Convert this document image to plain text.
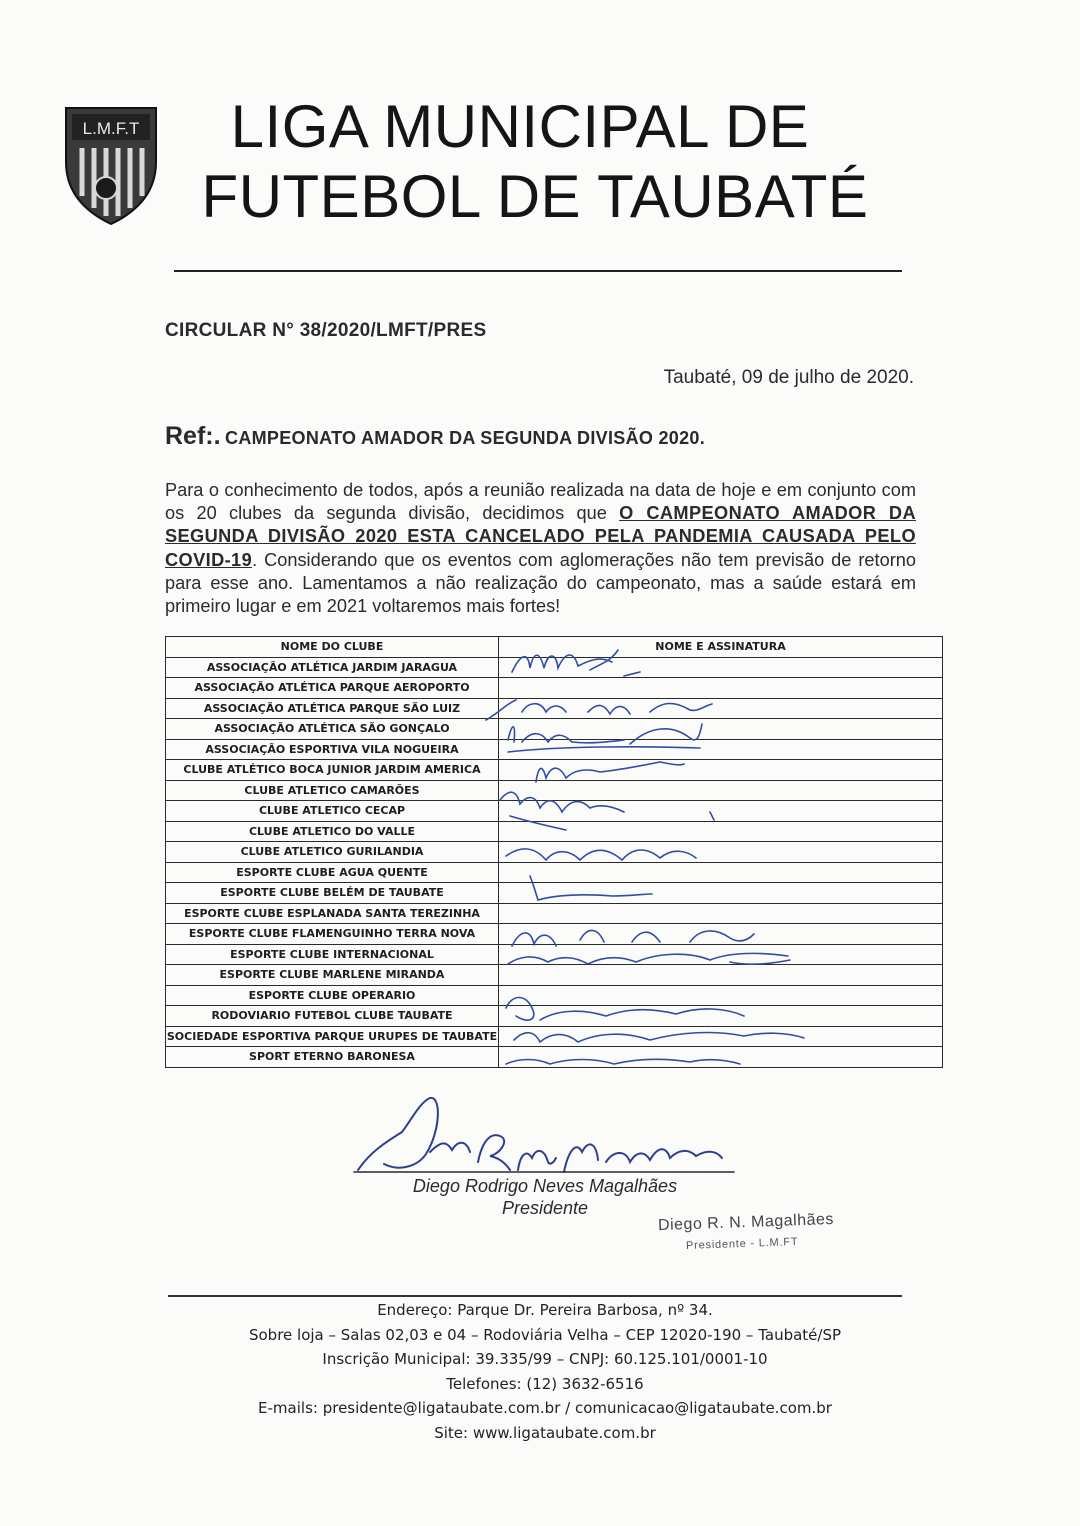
L.M.F.T	LIGA MUNICIPAL DE
FUTEBOL DE TAUBATÉ
CIRCULAR N° 38/2020/LMFT/PRES
Taubaté, 09 de julho de 2020.
Ref:. CAMPEONATO AMADOR DA SEGUNDA DIVISÃO 2020.
Para o conhecimento de todos, após a reunião realizada na data de hoje e em conjunto com os 20 clubes da segunda divisão, decidimos que O CAMPEONATO AMADOR DA SEGUNDA DIVISÃO 2020 ESTA CANCELADO PELA PANDEMIA CAUSADA PELO COVID-19. Considerando que os eventos com aglomerações não tem previsão de retorno para esse ano. Lamentamos a não realização do campeonato, mas a saúde estará em primeiro lugar e em 2021 voltaremos mais fortes!
NOME DO CLUBE	NOME E ASSINATURA
ASSOCIAÇÃO ATLÉTICA JARDIM JARAGUA	
ASSOCIAÇÃO ATLÉTICA PARQUE AEROPORTO	
ASSOCIAÇÃO ATLÉTICA PARQUE SÃO LUIZ	
ASSOCIAÇÃO ATLÉTICA SÃO GONÇALO	
ASSOCIAÇÃO ESPORTIVA VILA NOGUEIRA	
CLUBE ATLÉTICO BOCA JUNIOR JARDIM AMERICA	
CLUBE ATLETICO CAMARÕES	
CLUBE ATLETICO CECAP	
CLUBE ATLETICO DO VALLE	
CLUBE ATLETICO GURILANDIA	
ESPORTE CLUBE AGUA QUENTE	
ESPORTE CLUBE BELÉM DE TAUBATE	
ESPORTE CLUBE ESPLANADA SANTA TEREZINHA	
ESPORTE CLUBE FLAMENGUINHO TERRA NOVA	
ESPORTE CLUBE INTERNACIONAL	
ESPORTE CLUBE MARLENE MIRANDA	
ESPORTE CLUBE OPERARIO	
RODOVIARIO FUTEBOL CLUBE TAUBATE	
SOCIEDADE ESPORTIVA PARQUE URUPES DE TAUBATE	
SPORT ETERNO BARONESA	
Diego Rodrigo Neves Magalhães
Presidente
Diego R. N. Magalhães
Presidente - L.M.FT
Endereço: Parque Dr. Pereira Barbosa, nº 34.
Sobre loja – Salas 02,03 e 04 – Rodoviária Velha – CEP 12020-190 – Taubaté/SP
Inscrição Municipal: 39.335/99 – CNPJ: 60.125.101/0001-10
Telefones: (12) 3632-6516
E-mails: presidente@ligataubate.com.br / comunicacao@ligataubate.com.br
Site: www.ligataubate.com.br
